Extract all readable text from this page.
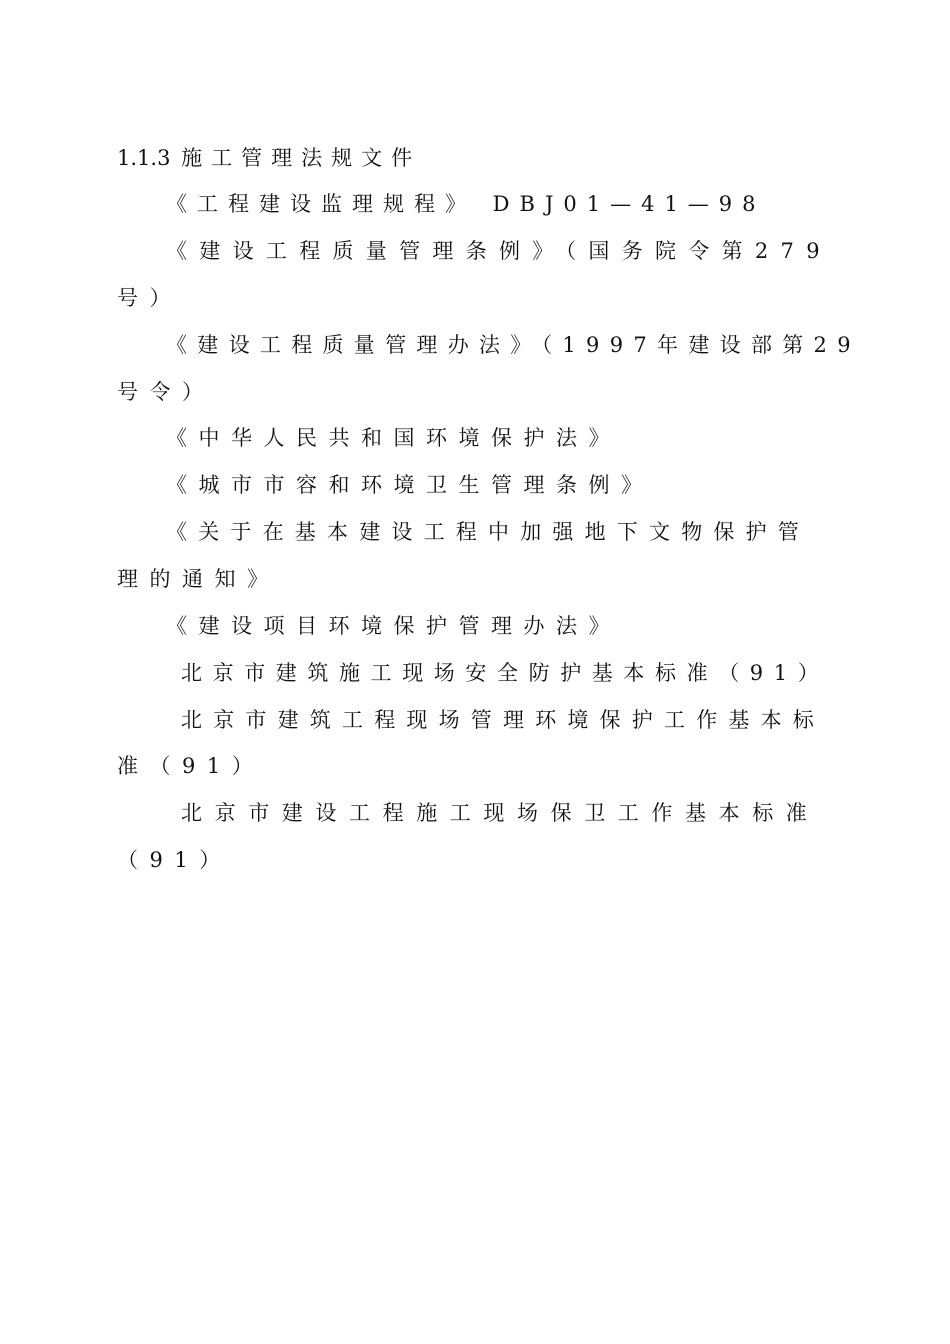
1.1.3 施工管理法规文件
《工程建设监理规程》 DBJ01—41—98
《建设工程质量管理条例》（国务院令第279
号）
《建设工程质量管理办法》（1997年建设部第29
号令）
《中华人民共和国环境保护法》
《城市市容和环境卫生管理条例》
《关于在基本建设工程中加强地下文物保护管
理的通知》
《建设项目环境保护管理办法》
北京市建筑施工现场安全防护基本标准（91）
北京市建筑工程现场管理环境保护工作基本标
准（91）
北京市建设工程施工现场保卫工作基本标准
（91）
